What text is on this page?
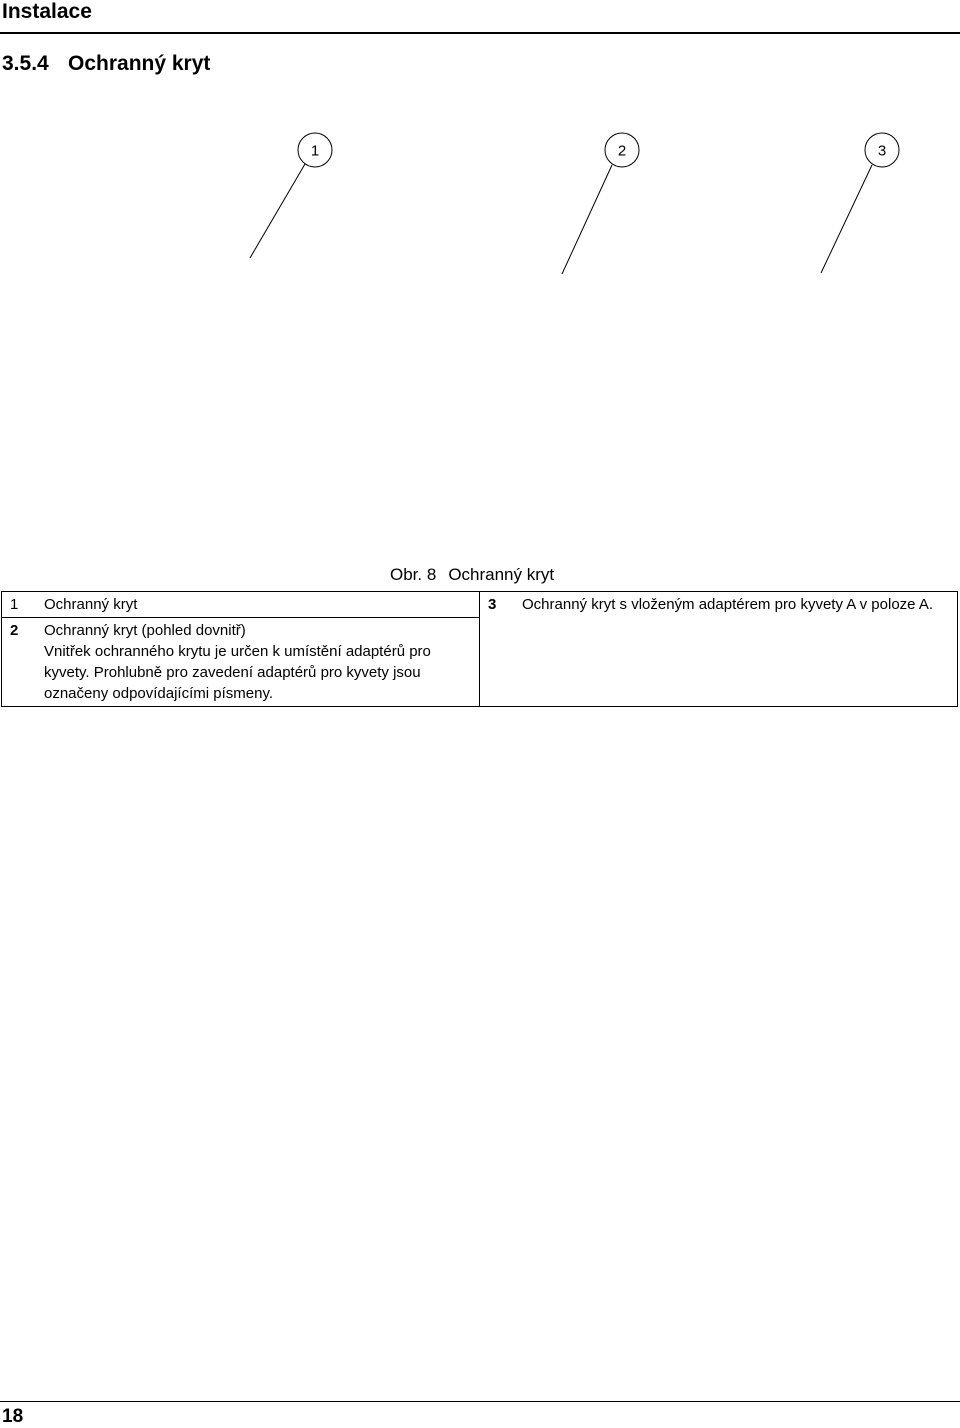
Instalace
3.5.4 Ochranný kryt
1	2	3
Obr. 8 Ochranný kryt
1	Ochranný kryt	3	Ochranný kryt s vloženým adaptérem pro kyvety A v poloze A.

2	Ochranný kryt (pohled dovnitř)
Vnitřek ochranného krytu je určen k umístění adaptérů pro kyvety. Prohlubně pro zavedení adaptérů pro kyvety jsou označeny odpovídajícími písmeny.
18
